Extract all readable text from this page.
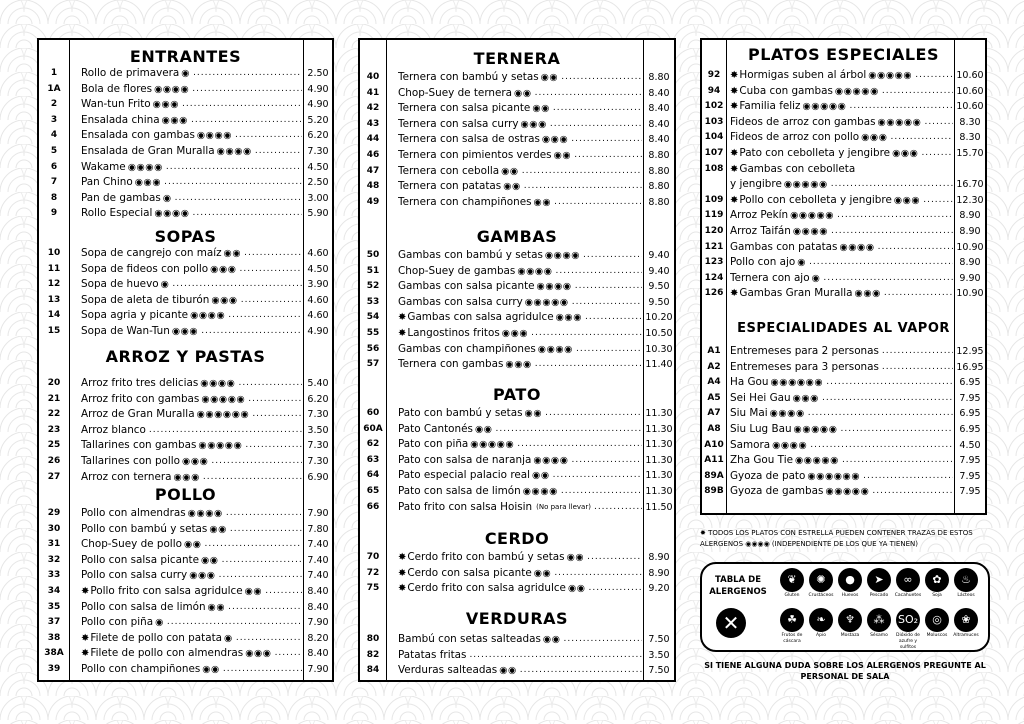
ENTRANTES
1	Rollo de primavera ◉ .....	2.50
1A	Bola de flores ◉◉◉◉ .....	4.90
2	Wan-tun Frito ◉◉◉ .....	4.90
3	Ensalada china ◉◉◉ .....	5.20
4	Ensalada con gambas ◉◉◉◉ .....	6.20
5	Ensalada de Gran Muralla ◉◉◉◉ .....	7.30
6	Wakame ◉◉◉◉ .....	4.50
7	Pan Chino ◉◉◉ .....	2.50
8	Pan de gambas ◉ .....	3.00
9	Rollo Especial ◉◉◉◉ .....	5.90
SOPAS
10	Sopa de cangrejo con maíz ◉◉ .....	4.60
11	Sopa de fideos con pollo ◉◉◉ .....	4.50
12	Sopa de huevo ◉ .....	3.90
13	Sopa de aleta de tiburón ◉◉◉ .....	4.60
14	Sopa agria y picante ◉◉◉◉ .....	4.60
15	Sopa de Wan-Tun ◉◉◉ .....	4.90
ARROZ Y PASTAS
20	Arroz frito tres delicias ◉◉◉◉ .....	5.40
21	Arroz frito con gambas ◉◉◉◉◉ .....	6.20
22	Arroz de Gran Muralla ◉◉◉◉◉◉ .....	7.30
23	Arroz blanco .....	3.50
25	Tallarines con gambas ◉◉◉◉◉ .....	7.30
26	Tallarines con pollo ◉◉◉ .....	7.30
27	Arroz con ternera ◉◉◉ .....	6.90
POLLO
29	Pollo con almendras ◉◉◉◉ .....	7.90
30	Pollo con bambú y setas ◉◉ .....	7.80
31	Chop-Suey de pollo ◉◉ .....	7.40
32	Pollo con salsa picante ◉◉ .....	7.40
33	Pollo con salsa curry ◉◉◉ .....	7.40
34	✸ Pollo frito con salsa agridulce ◉◉ .....	8.40
35	Pollo con salsa de limón ◉◉ .....	8.40
37	Pollo con piña ◉ .....	7.90
38	✸ Filete de pollo con patata ◉ .....	8.20
38A	✸ Filete de pollo con almendras ◉◉◉ .....	8.40
39	Pollo con champiñones ◉◉ .....	7.90
TERNERA
40	Ternera con bambú y setas ◉◉ .....	8.80
41	Chop-Suey de ternera ◉◉ .....	8.40
42	Ternera con salsa picante ◉◉ .....	8.40
43	Ternera con salsa curry ◉◉◉ .....	8.40
44	Ternera con salsa de ostras ◉◉◉ .....	8.40
46	Ternera con pimientos verdes ◉◉ .....	8.80
47	Ternera con cebolla ◉◉ .....	8.80
48	Ternera con patatas ◉◉ .....	8.80
49	Ternera con champiñones ◉◉ .....	8.80
GAMBAS
50	Gambas con bambú y setas ◉◉◉◉ .....	9.40
51	Chop-Suey de gambas ◉◉◉◉ .....	9.40
52	Gambas con salsa picante ◉◉◉◉ .....	9.50
53	Gambas con salsa curry ◉◉◉◉◉ .....	9.50
54	✸ Gambas con salsa agridulce ◉◉◉ .....	10.20
55	✸ Langostinos fritos ◉◉◉ .....	10.50
56	Gambas con champiñones ◉◉◉◉ .....	10.30
57	Ternera con gambas ◉◉◉ .....	11.40
PATO
60	Pato con bambú y setas ◉◉ .....	11.30
60A	Pato Cantonés ◉◉ .....	11.30
62	Pato con piña ◉◉◉◉◉ .....	11.30
63	Pato con salsa de naranja ◉◉◉◉ .....	11.30
64	Pato especial palacio real ◉◉ .....	11.30
65	Pato con salsa de limón ◉◉◉◉ .....	11.30
66	Pato frito con salsa Hoisin (No para llevar) .....	11.50
CERDO
70	✸ Cerdo frito con bambú y setas ◉◉ .....	8.90
72	✸ Cerdo con salsa picante ◉◉ .....	8.90
75	✸ Cerdo frito con salsa agridulce ◉◉ .....	9.20
VERDURAS
80	Bambú con setas salteadas ◉◉ .....	7.50
82	Patatas fritas .....	3.50
84	Verduras salteadas ◉◉ .....	7.50
PLATOS ESPECIALES
92 ✸ Hormigas suben al árbol ◉◉◉◉◉ .....	10.60
94 ✸ Cuba con gambas ◉◉◉◉◉ .....	10.60
102 ✸ Familia feliz ◉◉◉◉◉ .....	10.60
103 Fideos de arroz con gambas ◉◉◉◉◉ .....	8.30
104 Fideos de arroz con pollo ◉◉◉ .....	8.30
107 ✸ Pato con cebolleta y jengibre ◉◉◉ .....	15.70
108 ✸ Gambas con cebolleta
y jengibre ◉◉◉◉◉ .....	16.70
109 ✸ Pollo con cebolleta y jengibre ◉◉◉ .....	12.30
119 Arroz Pekín ◉◉◉◉◉ .....	8.90
120 Arroz Taifán ◉◉◉◉ .....	8.90
121 Gambas con patatas ◉◉◉◉ .....	10.90
123 Pollo con ajo ◉ .....	8.90
124 Ternera con ajo ◉ .....	9.90
126 ✸ Gambas Gran Muralla ◉◉◉ .....	10.90
ESPECIALIDADES AL VAPOR
A1 Entremeses para 2 personas .....	12.95
A2 Entremeses para 3 personas .....	16.95
A4 Ha Gou ◉◉◉◉◉◉ .....	6.95
A5 Sei Hei Gau ◉◉◉ .....	7.95
A7 Siu Mai ◉◉◉◉ .....	6.95
A8 Siu Lug Bau ◉◉◉◉◉ .....	6.95
A10 Samora ◉◉◉◉ .....	4.50
A11 Zha Gou Tie ◉◉◉◉◉ .....	7.95
89A Gyoza de pato ◉◉◉◉◉◉ .....	7.95
89B Gyoza de gambas ◉◉◉◉◉ .....	7.95
✸ TODOS LOS PLATOS CON ESTRELLA PUEDEN CONTENER TRAZAS DE ESTOS ALERGENOS ◉◉◉◉ (INDEPENDIENTE DE LOS QUE YA TIENEN)
TABLA DE ALERGENOS
✕
❦
Gluten
✺
Crustáceos
●
Huevos
➤
Pescado
∞
Cacahuetes
✿
Soja
♨
Lácteos
☘
Frutos de cáscara
❧
Apio
♆
Mostaza
⁂
Sésamo
SO₂
Dióxido de azufre y sulfitos
◎
Moluscos
❀
Altramuces
SI TIENE ALGUNA DUDA SOBRE LOS ALERGENOS PREGUNTE AL PERSONAL DE SALA
